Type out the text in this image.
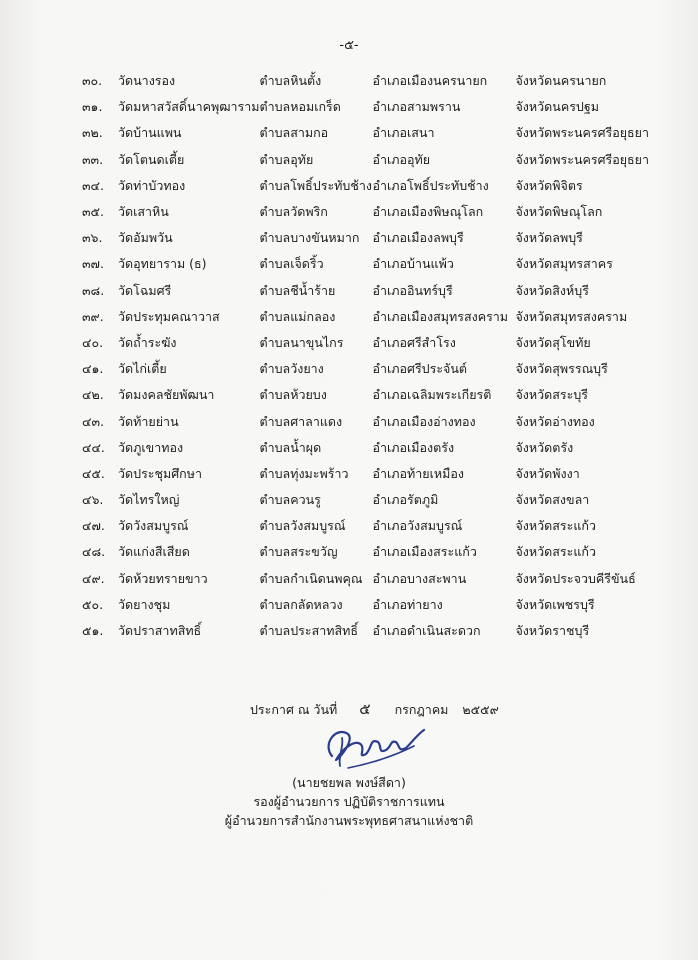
-๕-
๓๐.	วัดนางรอง	ตำบลหินตั้ง	อำเภอเมืองนครนายก	จังหวัดนครนายก
๓๑.	วัดมหาสวัสดิ์นาคพุฒาราม	ตำบลหอมเกร็ด	อำเภอสามพราน	จังหวัดนครปฐม
๓๒.	วัดบ้านแพน	ตำบลสามกอ	อำเภอเสนา	จังหวัดพระนครศรีอยุธยา
๓๓.	วัดโตนดเตี้ย	ตำบลอุทัย	อำเภออุทัย	จังหวัดพระนครศรีอยุธยา
๓๔.	วัดท่าบัวทอง	ตำบลโพธิ์ประทับช้าง	อำเภอโพธิ์ประทับช้าง	จังหวัดพิจิตร
๓๕.	วัดเสาหิน	ตำบลวัดพริก	อำเภอเมืองพิษณุโลก	จังหวัดพิษณุโลก
๓๖.	วัดอัมพวัน	ตำบลบางขันหมาก	อำเภอเมืองลพบุรี	จังหวัดลพบุรี
๓๗.	วัดอุทยาราม (ธ)	ตำบลเจ็ดริ้ว	อำเภอบ้านแพ้ว	จังหวัดสมุทรสาคร
๓๘.	วัดโฉมศรี	ตำบลชีน้ำร้าย	อำเภออินทร์บุรี	จังหวัดสิงห์บุรี
๓๙.	วัดประทุมคณาวาส	ตำบลแม่กลอง	อำเภอเมืองสมุทรสงคราม	จังหวัดสมุทรสงคราม
๔๐.	วัดถ้ำระฆัง	ตำบลนาขุนไกร	อำเภอศรีสำโรง	จังหวัดสุโขทัย
๔๑.	วัดไก่เตี้ย	ตำบลวังยาง	อำเภอศรีประจันต์	จังหวัดสุพรรณบุรี
๔๒.	วัดมงคลชัยพัฒนา	ตำบลห้วยบง	อำเภอเฉลิมพระเกียรติ	จังหวัดสระบุรี
๔๓.	วัดท้ายย่าน	ตำบลศาลาแดง	อำเภอเมืองอ่างทอง	จังหวัดอ่างทอง
๔๔.	วัดภูเขาทอง	ตำบลน้ำผุด	อำเภอเมืองตรัง	จังหวัดตรัง
๔๕.	วัดประชุมศึกษา	ตำบลทุ่งมะพร้าว	อำเภอท้ายเหมือง	จังหวัดพังงา
๔๖.	วัดไทรใหญ่	ตำบลควนรู	อำเภอรัตภูมิ	จังหวัดสงขลา
๔๗.	วัดวังสมบูรณ์	ตำบลวังสมบูรณ์	อำเภอวังสมบูรณ์	จังหวัดสระแก้ว
๔๘.	วัดแก่งสีเสียด	ตำบลสระขวัญ	อำเภอเมืองสระแก้ว	จังหวัดสระแก้ว
๔๙.	วัดห้วยทรายขาว	ตำบลกำเนิดนพคุณ	อำเภอบางสะพาน	จังหวัดประจวบคีรีขันธ์
๕๐.	วัดยางชุม	ตำบลกลัดหลวง	อำเภอท่ายาง	จังหวัดเพชรบุรี
๕๑.	วัดปราสาทสิทธิ์	ตำบลประสาทสิทธิ์	อำเภอดำเนินสะดวก	จังหวัดราชบุรี
ประกาศ ณ วันที่ ๕ กรกฎาคม ๒๕๕๙
(นายชยพล พงษ์สีดา)
รองผู้อำนวยการ ปฏิบัติราชการแทน
ผู้อำนวยการสำนักงานพระพุทธศาสนาแห่งชาติ
